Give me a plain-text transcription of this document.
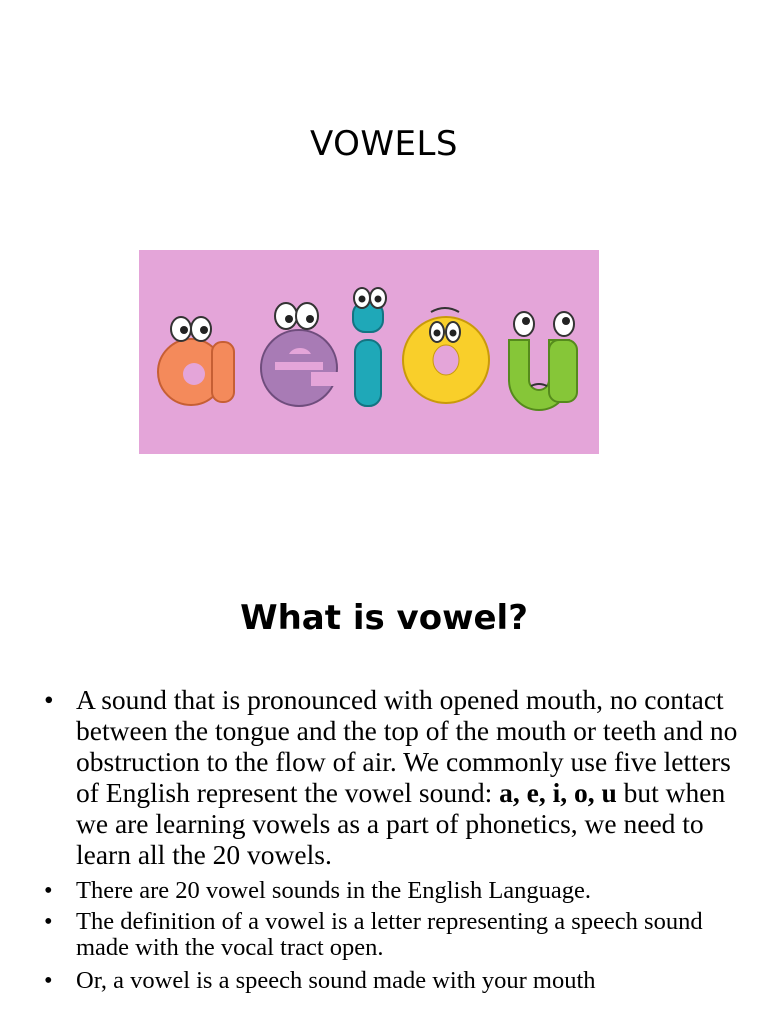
VOWELS
What is vowel?
• A sound that is pronounced with opened mouth, no contact between the tongue and the top of the mouth or teeth and no obstruction to the flow of air. We commonly use five letters of English represent the vowel sound: a, e, i, o, u but when we are learning vowels as a part of phonetics, we need to learn all the 20 vowels.
• There are 20 vowel sounds in the English Language.
• The definition of a vowel is a letter representing a speech sound made with the vocal tract open.
• Or, a vowel is a speech sound made with your mouth
